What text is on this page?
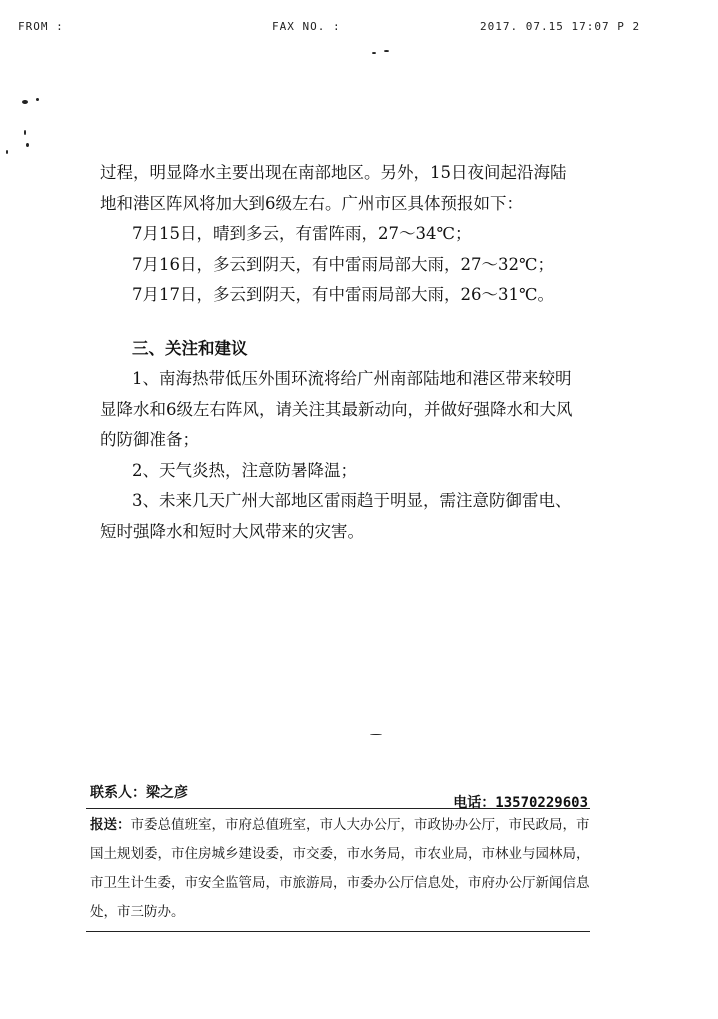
FROM :	FAX NO. :	2017. 07.15 17:07 P 2

过程，明显降水主要出现在南部地区。另外，15日夜间起沿海陆

地和港区阵风将加大到6级左右。广州市区具体预报如下：

7月15日，晴到多云，有雷阵雨，27～34℃；

7月16日，多云到阴天，有中雷雨局部大雨，27～32℃；

7月17日，多云到阴天，有中雷雨局部大雨，26～31℃。

三、关注和建议

1、南海热带低压外围环流将给广州南部陆地和港区带来较明显降水和6级左右阵风，请关注其最新动向，并做好强降水和大风的防御准备；

2、天气炎热，注意防暑降温；

3、未来几天广州大部地区雷雨趋于明显，需注意防御雷电、短时强降水和短时大风带来的灾害。

联系人：梁之彦
电话：13570229603
报送：市委总值班室，市府总值班室，市人大办公厅，市政协办公厅，市民政局，市国土规划委，市住房城乡建设委，市交委，市水务局，市农业局，市林业与园林局，市卫生计生委，市安全监管局，市旅游局，市委办公厅信息处，市府办公厅新闻信息处，市三防办。
